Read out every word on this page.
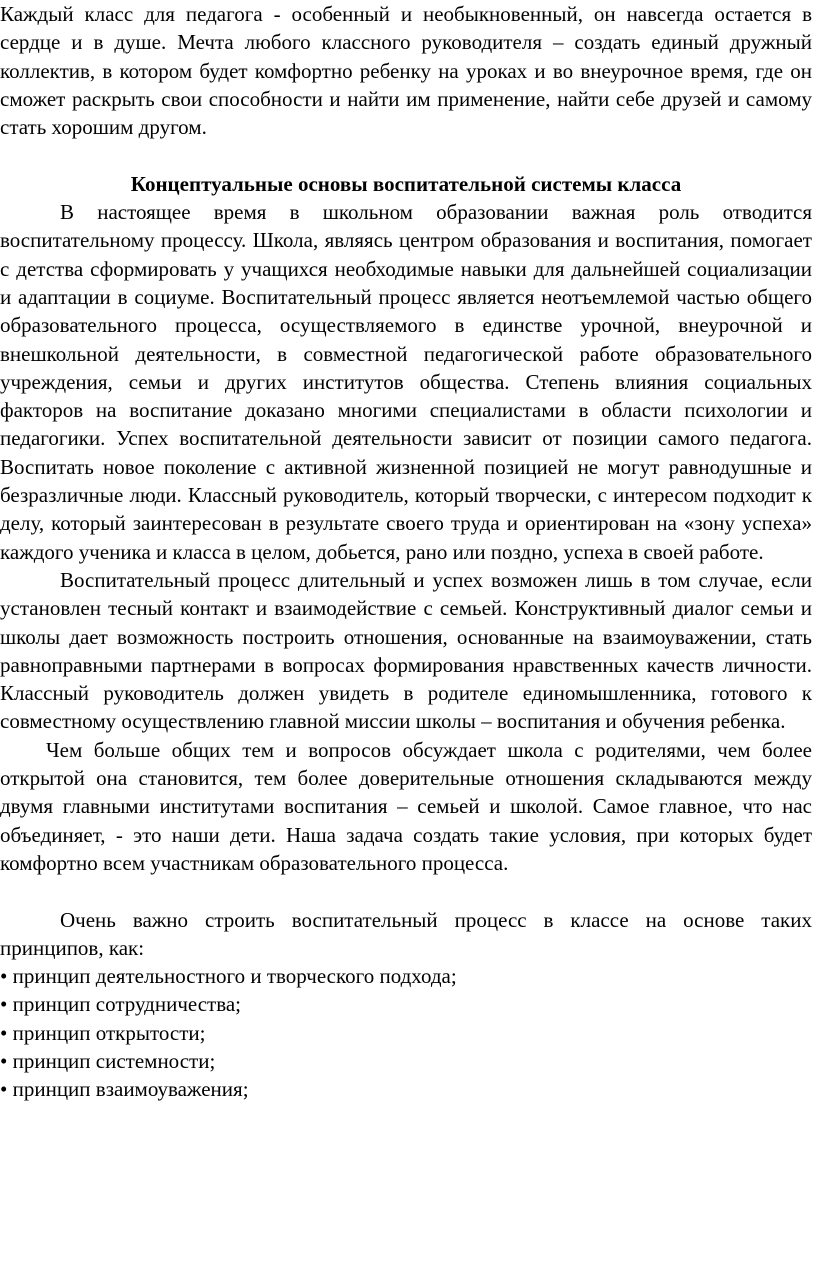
Каждый класс для педагога - особенный и необыкновенный, он навсегда остается в сердце и в душе. Мечта любого классного руководителя – создать единый дружный коллектив, в котором будет комфортно ребенку на уроках и во внеурочное время, где он сможет раскрыть свои способности и найти им применение, найти себе друзей и самому стать хорошим другом.

Концептуальные основы воспитательной системы класса

В настоящее время в школьном образовании важная роль отводится воспитательному процессу. Школа, являясь центром образования и воспитания, помогает с детства сформировать у учащихся необходимые навыки для дальнейшей социализации и адаптации в социуме. Воспитательный процесс является неотъемлемой частью общего образовательного процесса, осуществляемого в единстве урочной, внеурочной и внешкольной деятельности, в совместной педагогической работе образовательного учреждения, семьи и других институтов общества. Степень влияния социальных факторов на воспитание доказано многими специалистами в области психологии и педагогики. Успех воспитательной деятельности зависит от позиции самого педагога. Воспитать новое поколение с активной жизненной позицией не могут равнодушные и безразличные люди. Классный руководитель, который творчески, с интересом подходит к делу, который заинтересован в результате своего труда и ориентирован на «зону успеха» каждого ученика и класса в целом, добьется, рано или поздно, успеха в своей работе.

Воспитательный процесс длительный и успех возможен лишь в том случае, если установлен тесный контакт и взаимодействие с семьей. Конструктивный диалог семьи и школы дает возможность построить отношения, основанные на взаимоуважении, стать равноправными партнерами в вопросах формирования нравственных качеств личности. Классный руководитель должен увидеть в родителе единомышленника, готового к совместному осуществлению главной миссии школы – воспитания и обучения ребенка.

Чем больше общих тем и вопросов обсуждает школа с родителями, чем более открытой она становится, тем более доверительные отношения складываются между двумя главными институтами воспитания – семьей и школой. Самое главное, что нас объединяет, - это наши дети. Наша задача создать такие условия, при которых будет комфортно всем участникам образовательного процесса.

Очень важно строить воспитательный процесс в классе на основе таких принципов, как:

• принцип деятельностного и творческого подхода;
• принцип сотрудничества;
• принцип открытости;
• принцип системности;
• принцип взаимоуважения;
